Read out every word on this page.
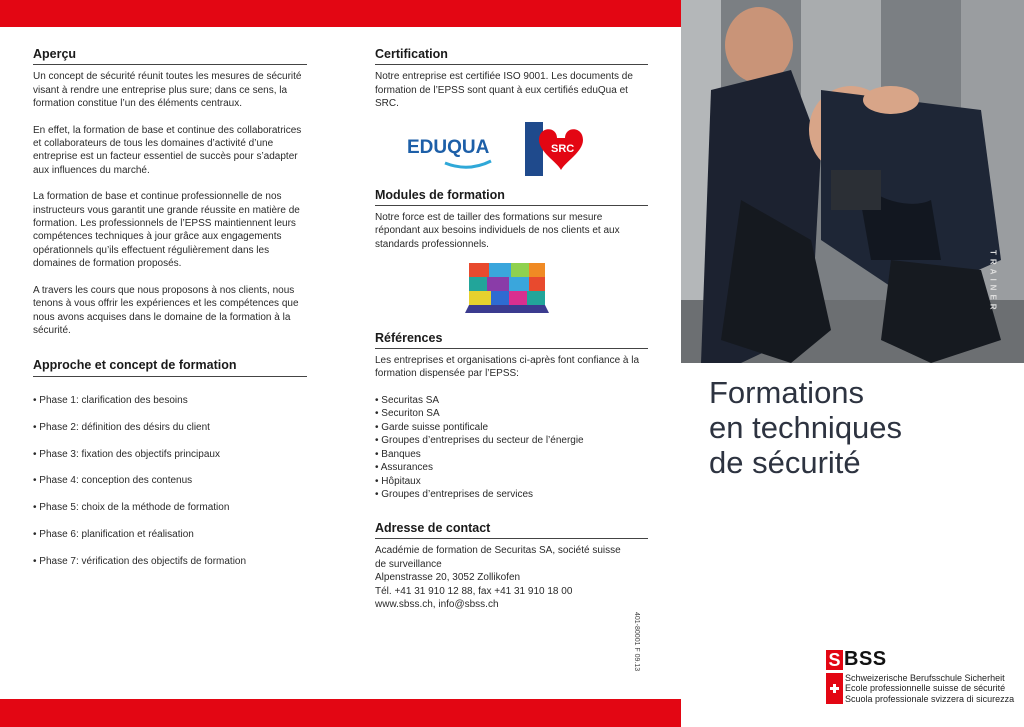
Aperçu

Un concept de sécurité réunit toutes les mesures de sécurité visant à rendre une entreprise plus sure; dans ce sens, la formation constitue l’un des éléments centraux.

En effet, la formation de base et continue des collaboratrices et collaborateurs de tous les domaines d’activité d’une entreprise est un facteur essentiel de succès pour s’adapter aux influences du marché.

La formation de base et continue professionnelle de nos instructeurs vous garantit une grande réussite en matière de formation. Les professionnels de l’EPSS maintiennent leurs compétences techniques à jour grâce aux engagements opérationnels qu’ils effectuent régulièrement dans les domaines de formation proposés.

A travers les cours que nous proposons à nos clients, nous tenons à vous offrir les expériences et les compétences que nous avons acquises dans le domaine de la formation à la sécurité.

Approche et concept de formation
• Phase 1: clarification des besoins
• Phase 2: définition des désirs du client
• Phase 3: fixation des objectifs principaux
• Phase 4: conception des contenus
• Phase 5: choix de la méthode de formation
• Phase 6: planification et réalisation
• Phase 7: vérification des objectifs de formation
Certification

Notre entreprise est certifiée ISO 9001. Les documents de formation de l’EPSS sont quant à eux certifiés eduQua et SRC.

EDUQUA	SRC
Modules de formation

Notre force est de tailler des formations sur mesure répondant aux besoins individuels de nos clients et aux standards professionnels.

Références

Les entreprises et organisations ci-après font confiance à la formation dispensée par l’EPSS:

• Securitas SA
• Securiton SA
• Garde suisse pontificale
• Groupes d’entreprises du secteur de l’énergie
• Banques
• Assurances
• Hôpitaux
• Groupes d’entreprises de services
Adresse de contact
Académie de formation de Securitas SA, société suisse
de surveillance
Alpenstrasse 20, 3052 Zollikofen
Tél. +41 31 910 12 88, fax +41 31 910 18 00
www.sbss.ch, info@sbss.ch
401-80001 F 09.13
TRAINER
Formations
en techniques
de sécurité
S BSS
Schweizerische Berufsschule Sicherheit
Ecole professionnelle suisse de sécurité
Scuola professionale svizzera di sicurezza
